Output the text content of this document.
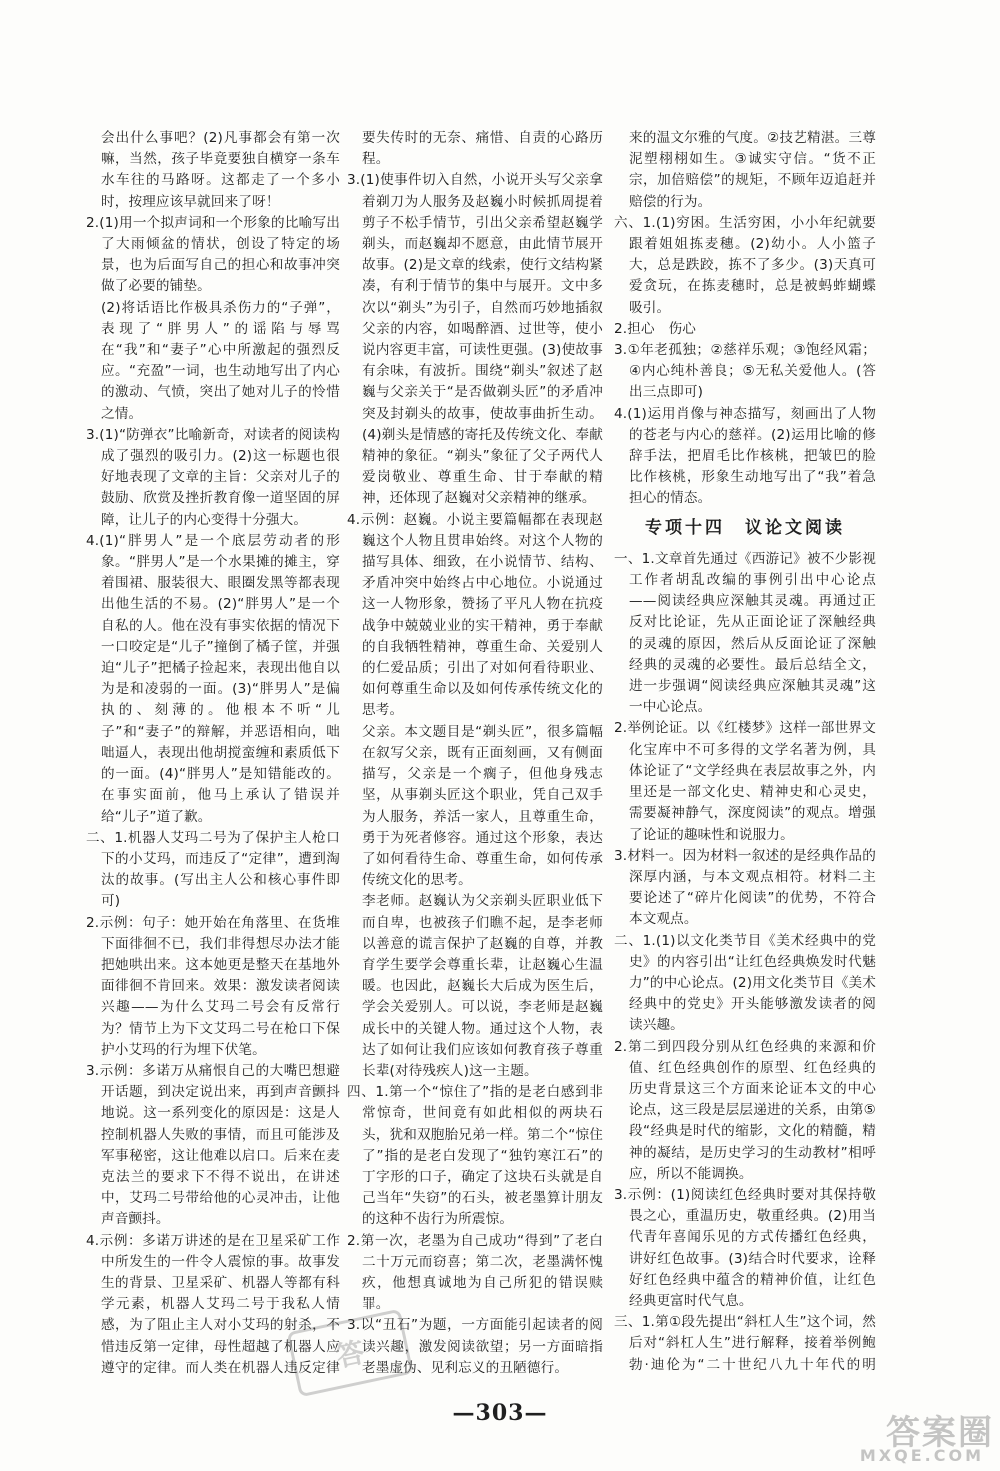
会出什么事吧？(2)凡事都会有第一次嘛，当然，孩子毕竟要独自横穿一条车水车往的马路呀。这都走了一个多小时，按理应该早就回来了呀！

2.(1)用一个拟声词和一个形象的比喻写出了大雨倾盆的情状，创设了特定的场景，也为后面写自己的担心和故事冲突做了必要的铺垫。

(2)将话语比作极具杀伤力的“子弹”，表现了“胖男人”的谣陷与辱骂在“我”和“妻子”心中所激起的强烈反应。“充盈”一词，也生动地写出了内心的激动、气愤，突出了她对儿子的怜惜之情。

3.(1)“防弹衣”比喻新奇，对读者的阅读构成了强烈的吸引力。(2)这一标题也很好地表现了文章的主旨：父亲对儿子的鼓励、欣赏及挫折教育像一道坚固的屏障，让儿子的内心变得十分强大。

4.(1)“胖男人”是一个底层劳动者的形象。“胖男人”是一个水果摊的摊主，穿着围裙、服装很大、眼圈发黑等都表现出他生活的不易。(2)“胖男人”是一个自私的人。他在没有事实依据的情况下一口咬定是“儿子”撞倒了橘子筐，并强迫“儿子”把橘子捡起来，表现出他自以为是和凌弱的一面。(3)“胖男人”是偏执的、刻薄的。他根本不听“儿子”和“妻子”的辩解，并恶语相向，咄咄逼人，表现出他胡搅蛮缠和素质低下的一面。(4)“胖男人”是知错能改的。在事实面前，他马上承认了错误并给“儿子”道了歉。

二、1.机器人艾玛二号为了保护主人枪口下的小艾玛，而违反了“定律”，遭到淘汰的故事。(写出主人公和核心事件即可)

2.示例：句子：她开始在角落里、在货堆下面徘徊不已，我们非得想尽办法才能把她哄出来。这本她更是整天在基地外面徘徊不肯回来。效果：激发读者阅读兴趣——为什么艾玛二号会有反常行为？情节上为下文艾玛二号在枪口下保护小艾玛的行为埋下伏笔。

3.示例：多诺万从痛恨自己的大嘴巴想避开话题，到决定说出来，再到声音颤抖地说。这一系列变化的原因是：这是人控制机器人失败的事情，而且可能涉及军事秘密，这让他难以启口。后来在麦克法兰的要求下不得不说出，在讲述中，艾玛二号带给他的心灵冲击，让他声音颤抖。

4.示例：多诺万讲述的是在卫星采矿工作中所发生的一件令人震惊的事。故事发生的背景、卫星采矿、机器人等都有科学元素，机器人艾玛二号于我私人情感，为了阻止主人对小艾玛的射杀，不惜违反第一定律，母性超越了机器人应遵守的定律。而人类在机器人违反定律

要失传时的无奈、痛惜、自责的心路历程。

3.(1)使事件切入自然，小说开头写父亲拿着剃刀为人服务及赵巍小时候抓周提着剪子不松手情节，引出父亲希望赵巍学剃头，而赵巍却不愿意，由此情节展开故事。(2)是文章的线索，使行文结构紧凑，有利于情节的集中与展开。文中多次以“剃头”为引子，自然而巧妙地插叙父亲的内容，如喝醉酒、过世等，使小说内容更丰富，可读性更强。(3)使故事有余味，有波折。围绕“剃头”叙述了赵巍与父亲关于“是否做剃头匠”的矛盾冲突及封剃头的故事，使故事曲折生动。(4)剃头是情感的寄托及传统文化、奉献精神的象征。“剃头”象征了父子两代人爱岗敬业、尊重生命、甘于奉献的精神，还体现了赵巍对父亲精神的继承。

4.示例：赵巍。小说主要篇幅都在表现赵巍这个人物且贯串始终。对这个人物的描写具体、细致，在小说情节、结构、矛盾冲突中始终占中心地位。小说通过这一人物形象，赞扬了平凡人物在抗疫战争中兢兢业业的实干精神，勇于奉献的自我牺牲精神，尊重生命、关爱别人的仁爱品质；引出了对如何看待职业、如何尊重生命以及如何传承传统文化的思考。

父亲。本文题目是“剃头匠”，很多篇幅在叙写父亲，既有正面刻画，又有侧面描写，父亲是一个瘸子，但他身残志坚，从事剃头匠这个职业，凭自己双手为人服务，养活一家人，且尊重生命，勇于为死者修容。通过这个形象，表达了如何看待生命、尊重生命，如何传承传统文化的思考。

李老师。赵巍认为父亲剃头匠职业低下而自卑，也被孩子们瞧不起，是李老师以善意的谎言保护了赵巍的自尊，并教育学生要学会尊重长辈，让赵巍心生温暖。也因此，赵巍长大后成为医生后，学会关爱别人。可以说，李老师是赵巍成长中的关键人物。通过这个人物，表达了如何让我们应该如何教育孩子尊重长辈(对待残疾人)这一主题。

四、1.第一个“惊住了”指的是老白感到非常惊奇，世间竟有如此相似的两块石头，犹和双胞胎兄弟一样。第二个“惊住了”指的是老白发现了“独钓寒江石”的丁字形的口子，确定了这块石头就是自己当年“失窃”的石头，被老墨算计朋友的这种不齿行为所震惊。

2.第一次，老墨为自己成功“得到”了老白二十万元而窃喜；第二次，老墨满怀愧疚，他想真诚地为自己所犯的错误赎罪。

3.以“丑石”为题，一方面能引起读者的阅读兴趣，激发阅读欲望；另一方面暗指老墨虚伪、见利忘义的丑陋德行。

来的温文尔雅的气度。②技艺精湛。三尊泥塑栩栩如生。③诚实守信。“货不正宗，加倍赔偿”的规矩，不顾年迈追赶并赔偿的行为。

六、1.(1)穷困。生活穷困，小小年纪就要跟着姐姐拣麦穗。(2)幼小。人小篮子大，总是跌跤，拣不了多少。(3)天真可爱贪玩，在拣麦穗时，总是被蚂蚱蝴蝶吸引。

2.担心　伤心

3.①年老孤独；②慈祥乐观；③饱经风霜；④内心纯朴善良；⑤无私关爱他人。(答出三点即可)

4.(1)运用肖像与神态描写，刻画出了人物的苍老与内心的慈祥。(2)运用比喻的修辞手法，把眉毛比作核桃，把皱巴的脸比作核桃，形象生动地写出了“我”着急担心的情态。

专项十四　议论文阅读

一、1.文章首先通过《西游记》被不少影视工作者胡乱改编的事例引出中心论点——阅读经典应深触其灵魂。再通过正反对比论证，先从正面论证了深触经典的灵魂的原因，然后从反面论证了深触经典的灵魂的必要性。最后总结全文，进一步强调“阅读经典应深触其灵魂”这一中心论点。

2.举例论证。以《红楼梦》这样一部世界文化宝库中不可多得的文学名著为例，具体论证了“文学经典在表层故事之外，内里还是一部文化史、精神史和心灵史，需要凝神静气，深度阅读”的观点。增强了论证的趣味性和说服力。

3.材料一。因为材料一叙述的是经典作品的深厚内涵，与本文观点相符。材料二主要论述了“碎片化阅读”的优势，不符合本文观点。

二、1.(1)以文化类节目《美术经典中的党史》的内容引出“让红色经典焕发时代魅力”的中心论点。(2)用文化类节目《美术经典中的党史》开头能够激发读者的阅读兴趣。

2.第二到四段分别从红色经典的来源和价值、红色经典创作的原型、红色经典的历史背景这三个方面来论证本文的中心论点，这三段是层层递进的关系，由第⑤段“经典是时代的缩影，文化的精髓，精神的凝结，是历史学习的生动教材”相呼应，所以不能调换。

3.示例：(1)阅读红色经典时要对其保持敬畏之心，重温历史，敬重经典。(2)用当代青年喜闻乐见的方式传播红色经典，讲好红色故事。(3)结合时代要求，诠释好红色经典中蕴含的精神价值，让红色经典更富时代气息。

三、1.第①段先提出“斜杠人生”这个词，然后对“斜杠人生”进行解释，接着举例鲍勃·迪伦为“二十世纪八九十年代的明

答
—303—	答案圈
MXQE.COM
